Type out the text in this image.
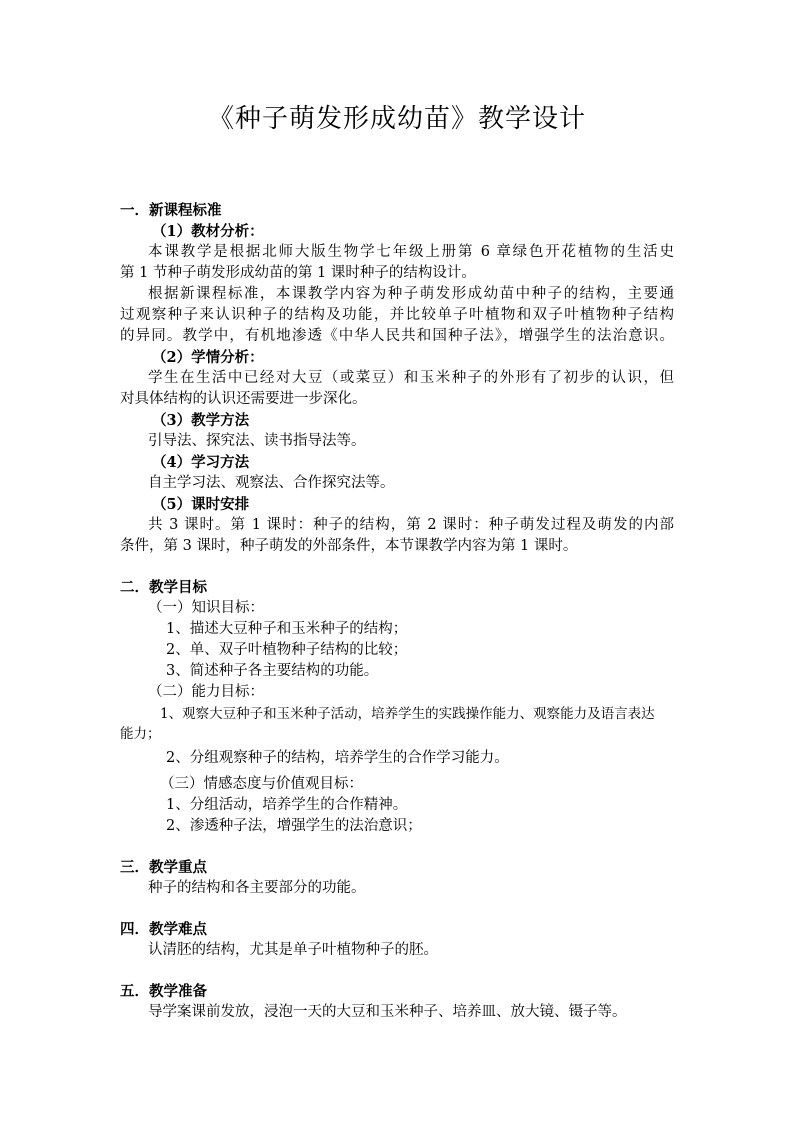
《种子萌发形成幼苗》教学设计
一．新课程标准
（1）教材分析：
本课教学是根据北师大版生物学七年级上册第 6 章绿色开花植物的生活史
第 1 节种子萌发形成幼苗的第 1 课时种子的结构设计。
根据新课程标准，本课教学内容为种子萌发形成幼苗中种子的结构，主要通
过观察种子来认识种子的结构及功能，并比较单子叶植物和双子叶植物种子结构
的异同。教学中，有机地渗透《中华人民共和国种子法》，增强学生的法治意识。
（2）学情分析：
学生在生活中已经对大豆（或菜豆）和玉米种子的外形有了初步的认识，但
对具体结构的认识还需要进一步深化。
（3）教学方法
引导法、探究法、读书指导法等。
（4）学习方法
自主学习法、观察法、合作探究法等。
（5）课时安排
共 3 课时。第 1 课时：种子的结构，第 2 课时：种子萌发过程及萌发的内部
条件，第 3 课时，种子萌发的外部条件，本节课教学内容为第 1 课时。
二．教学目标
（一）知识目标：
1、描述大豆种子和玉米种子的结构；
2、单、双子叶植物种子结构的比较；
3、简述种子各主要结构的功能。
（二）能力目标：
1、观察大豆种子和玉米种子活动，培养学生的实践操作能力、观察能力及语言表达
能力；
2、分组观察种子的结构，培养学生的合作学习能力。
（三）情感态度与价值观目标：
1、分组活动，培养学生的合作精神。
2、渗透种子法，增强学生的法治意识；
三．教学重点
种子的结构和各主要部分的功能。
四．教学难点
认清胚的结构，尤其是单子叶植物种子的胚。
五．教学准备
导学案课前发放，浸泡一天的大豆和玉米种子、培养皿、放大镜、镊子等。
